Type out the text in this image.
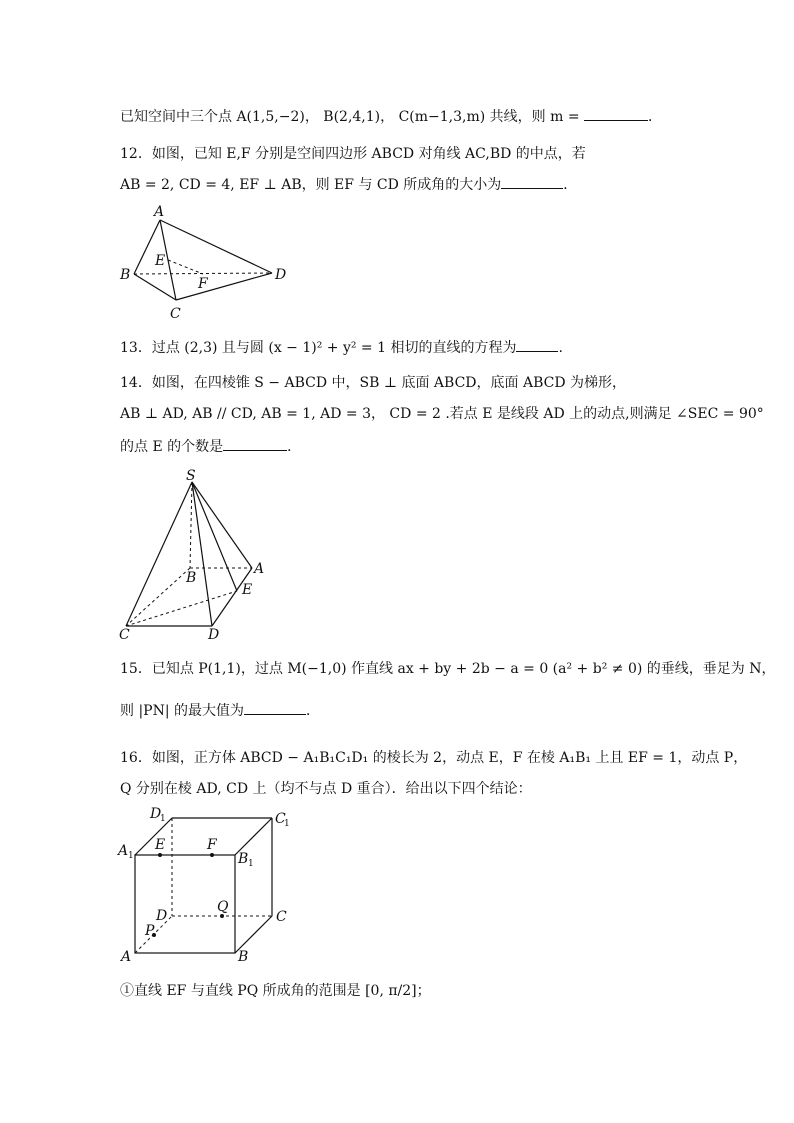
已知空间中三个点 A(1,5,−2)， B(2,4,1)， C(m−1,3,m) 共线，则 m =	．
12．如图，已知 E,F 分别是空间四边形 ABCD 对角线 AC,BD 的中点，若
AB = 2, CD = 4, EF ⊥ AB，则 EF 与 CD 所成角的大小为	．
A
B
C
D
E
F
13．过点 (2,3) 且与圆 (x − 1)² + y² = 1 相切的直线的方程为	.
14．如图，在四棱锥 S − ABCD 中，SB ⊥ 底面 ABCD，底面 ABCD 为梯形，
AB ⊥ AD, AB // CD, AB = 1, AD = 3， CD = 2 .若点 E 是线段 AD 上的动点,则满足 ∠SEC = 90°
的点 E 的个数是	．
S
A
B
C	D
E
15．已知点 P(1,1)，过点 M(−1,0) 作直线 ax + by + 2b − a = 0 (a² + b² ≠ 0) 的垂线，垂足为 N，
则 |PN| 的最大值为	．
16．如图，正方体 ABCD − A₁B₁C₁D₁ 的棱长为 2，动点 E，F 在棱 A₁B₁ 上且 EF = 1，动点 P，
Q 分别在棱 AD, CD 上（均不与点 D 重合）．给出以下四个结论：
D
1	C
1
A 1
E	F
B 1
D
Q
C
P
A	B
①直线 EF 与直线 PQ 所成角的范围是 [0, π/2]；
